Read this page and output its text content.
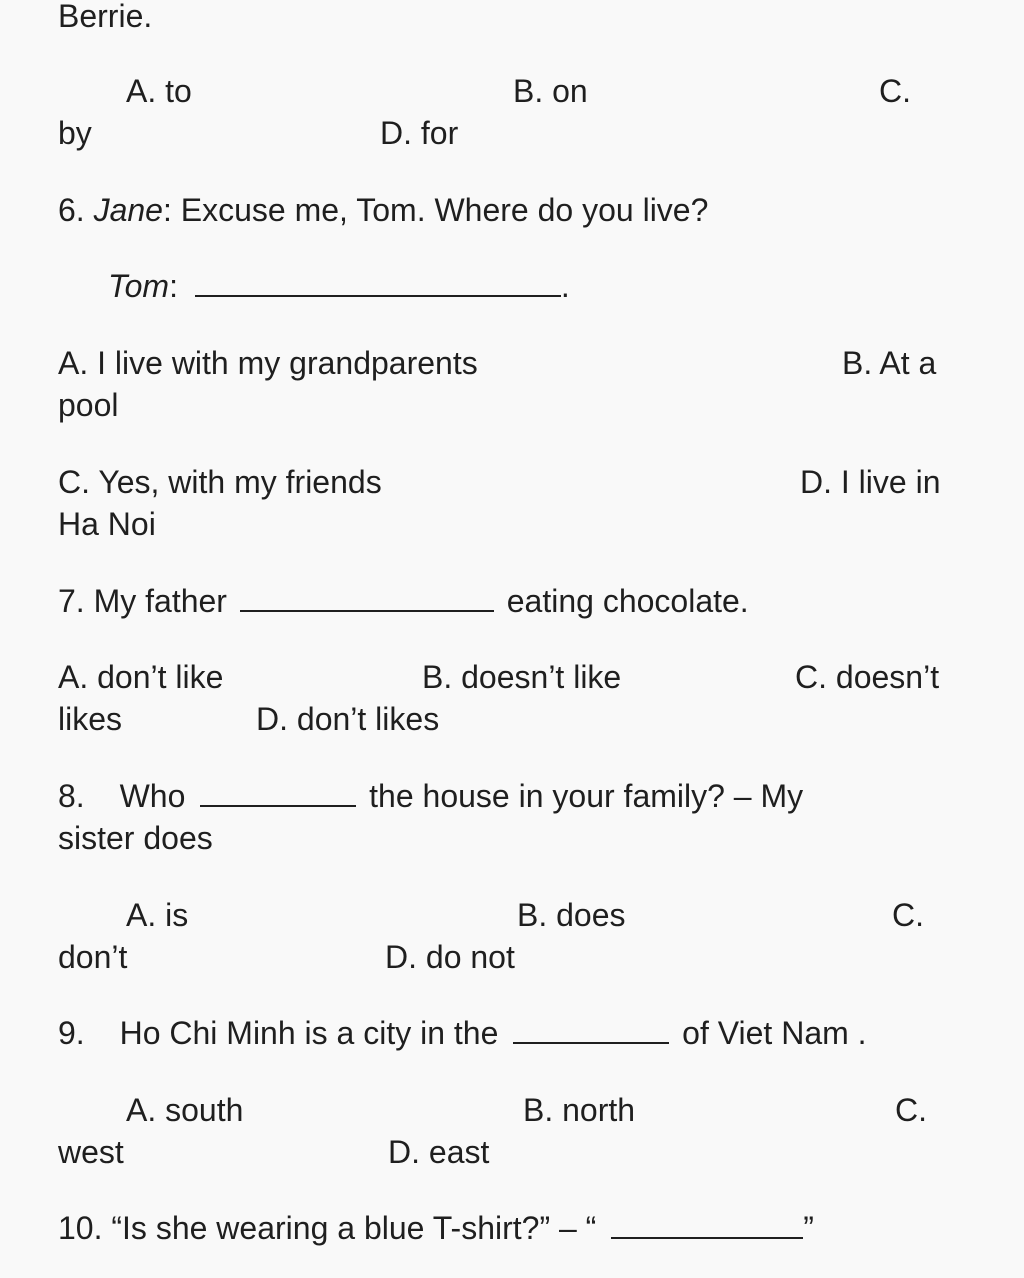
Berrie.
A. to	B. on	C.
by	D. for
6. Jane: Excuse me, Tom. Where do you live?
Tom:	.
A. I live with my grandparents	B. At a
pool
C. Yes, with my friends	D. I live in
Ha Noi
7. My father	eating chocolate.
A. don’t like	B. doesn’t like	C. doesn’t
likes	D. don’t likes
8. Who	the house in your family? – My
sister does
A. is	B. does	C.
don’t	D. do not
9. Ho Chi Minh is a city in the	of Viet Nam .
A. south	B. north	C.
west	D. east
10. “Is she wearing a blue T-shirt?” – “	”
